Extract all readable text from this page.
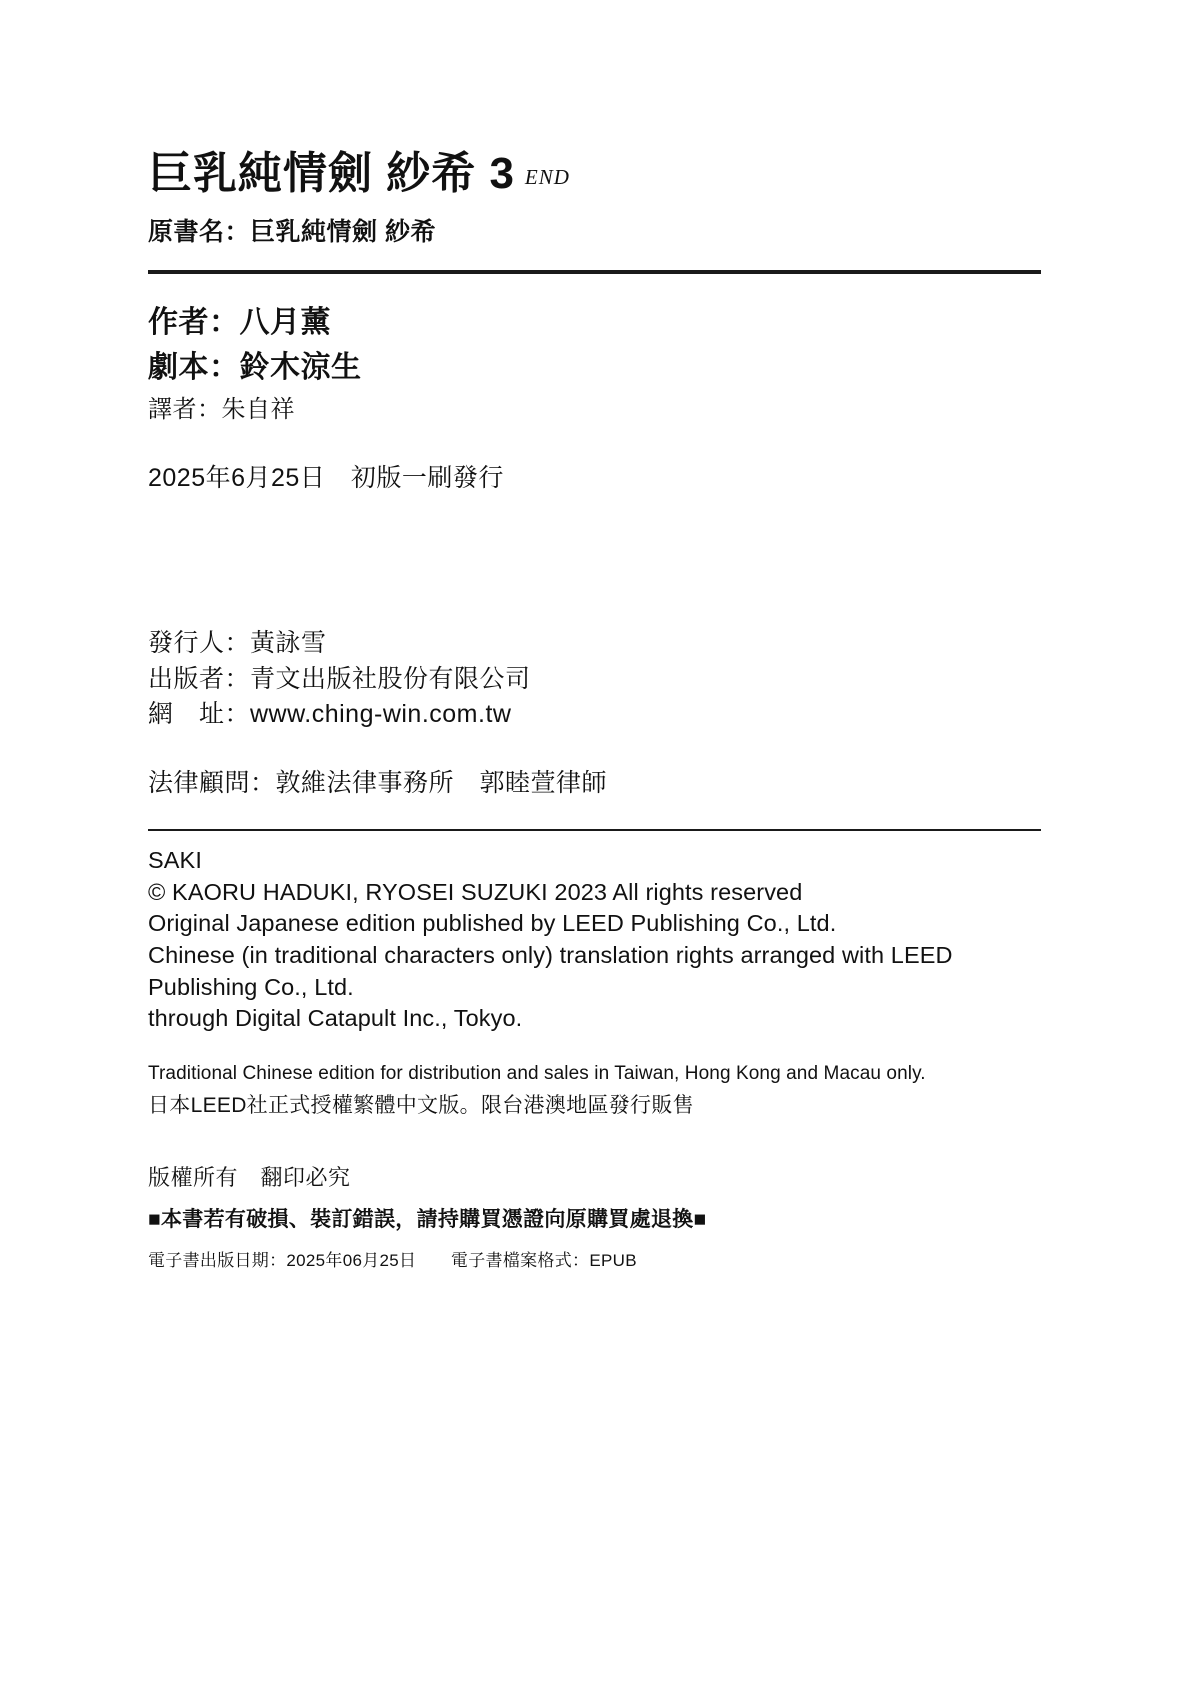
巨乳純情劍 紗希 3 END
原書名：巨乳純情劍 紗希
作者：八月薰
劇本：鈴木涼生
譯者：朱自祥
2025年6月25日　初版一刷發行
發行人：黃詠雪
出版者：青文出版社股份有限公司
網　址：www.ching-win.com.tw
法律顧問：敦維法律事務所　郭睦萱律師
SAKI
© KAORU HADUKI, RYOSEI SUZUKI 2023 All rights reserved
Original Japanese edition published by LEED Publishing Co., Ltd.
Chinese (in traditional characters only) translation rights arranged with LEED
Publishing Co., Ltd.
through Digital Catapult Inc., Tokyo.
Traditional Chinese edition for distribution and sales in Taiwan, Hong Kong and Macau only.
日本LEED社正式授權繁體中文版。限台港澳地區發行販售
版權所有　翻印必究
■本書若有破損、裝訂錯誤，請持購買憑證向原購買處退換■
電子書出版日期：2025年06月25日　　電子書檔案格式：EPUB
